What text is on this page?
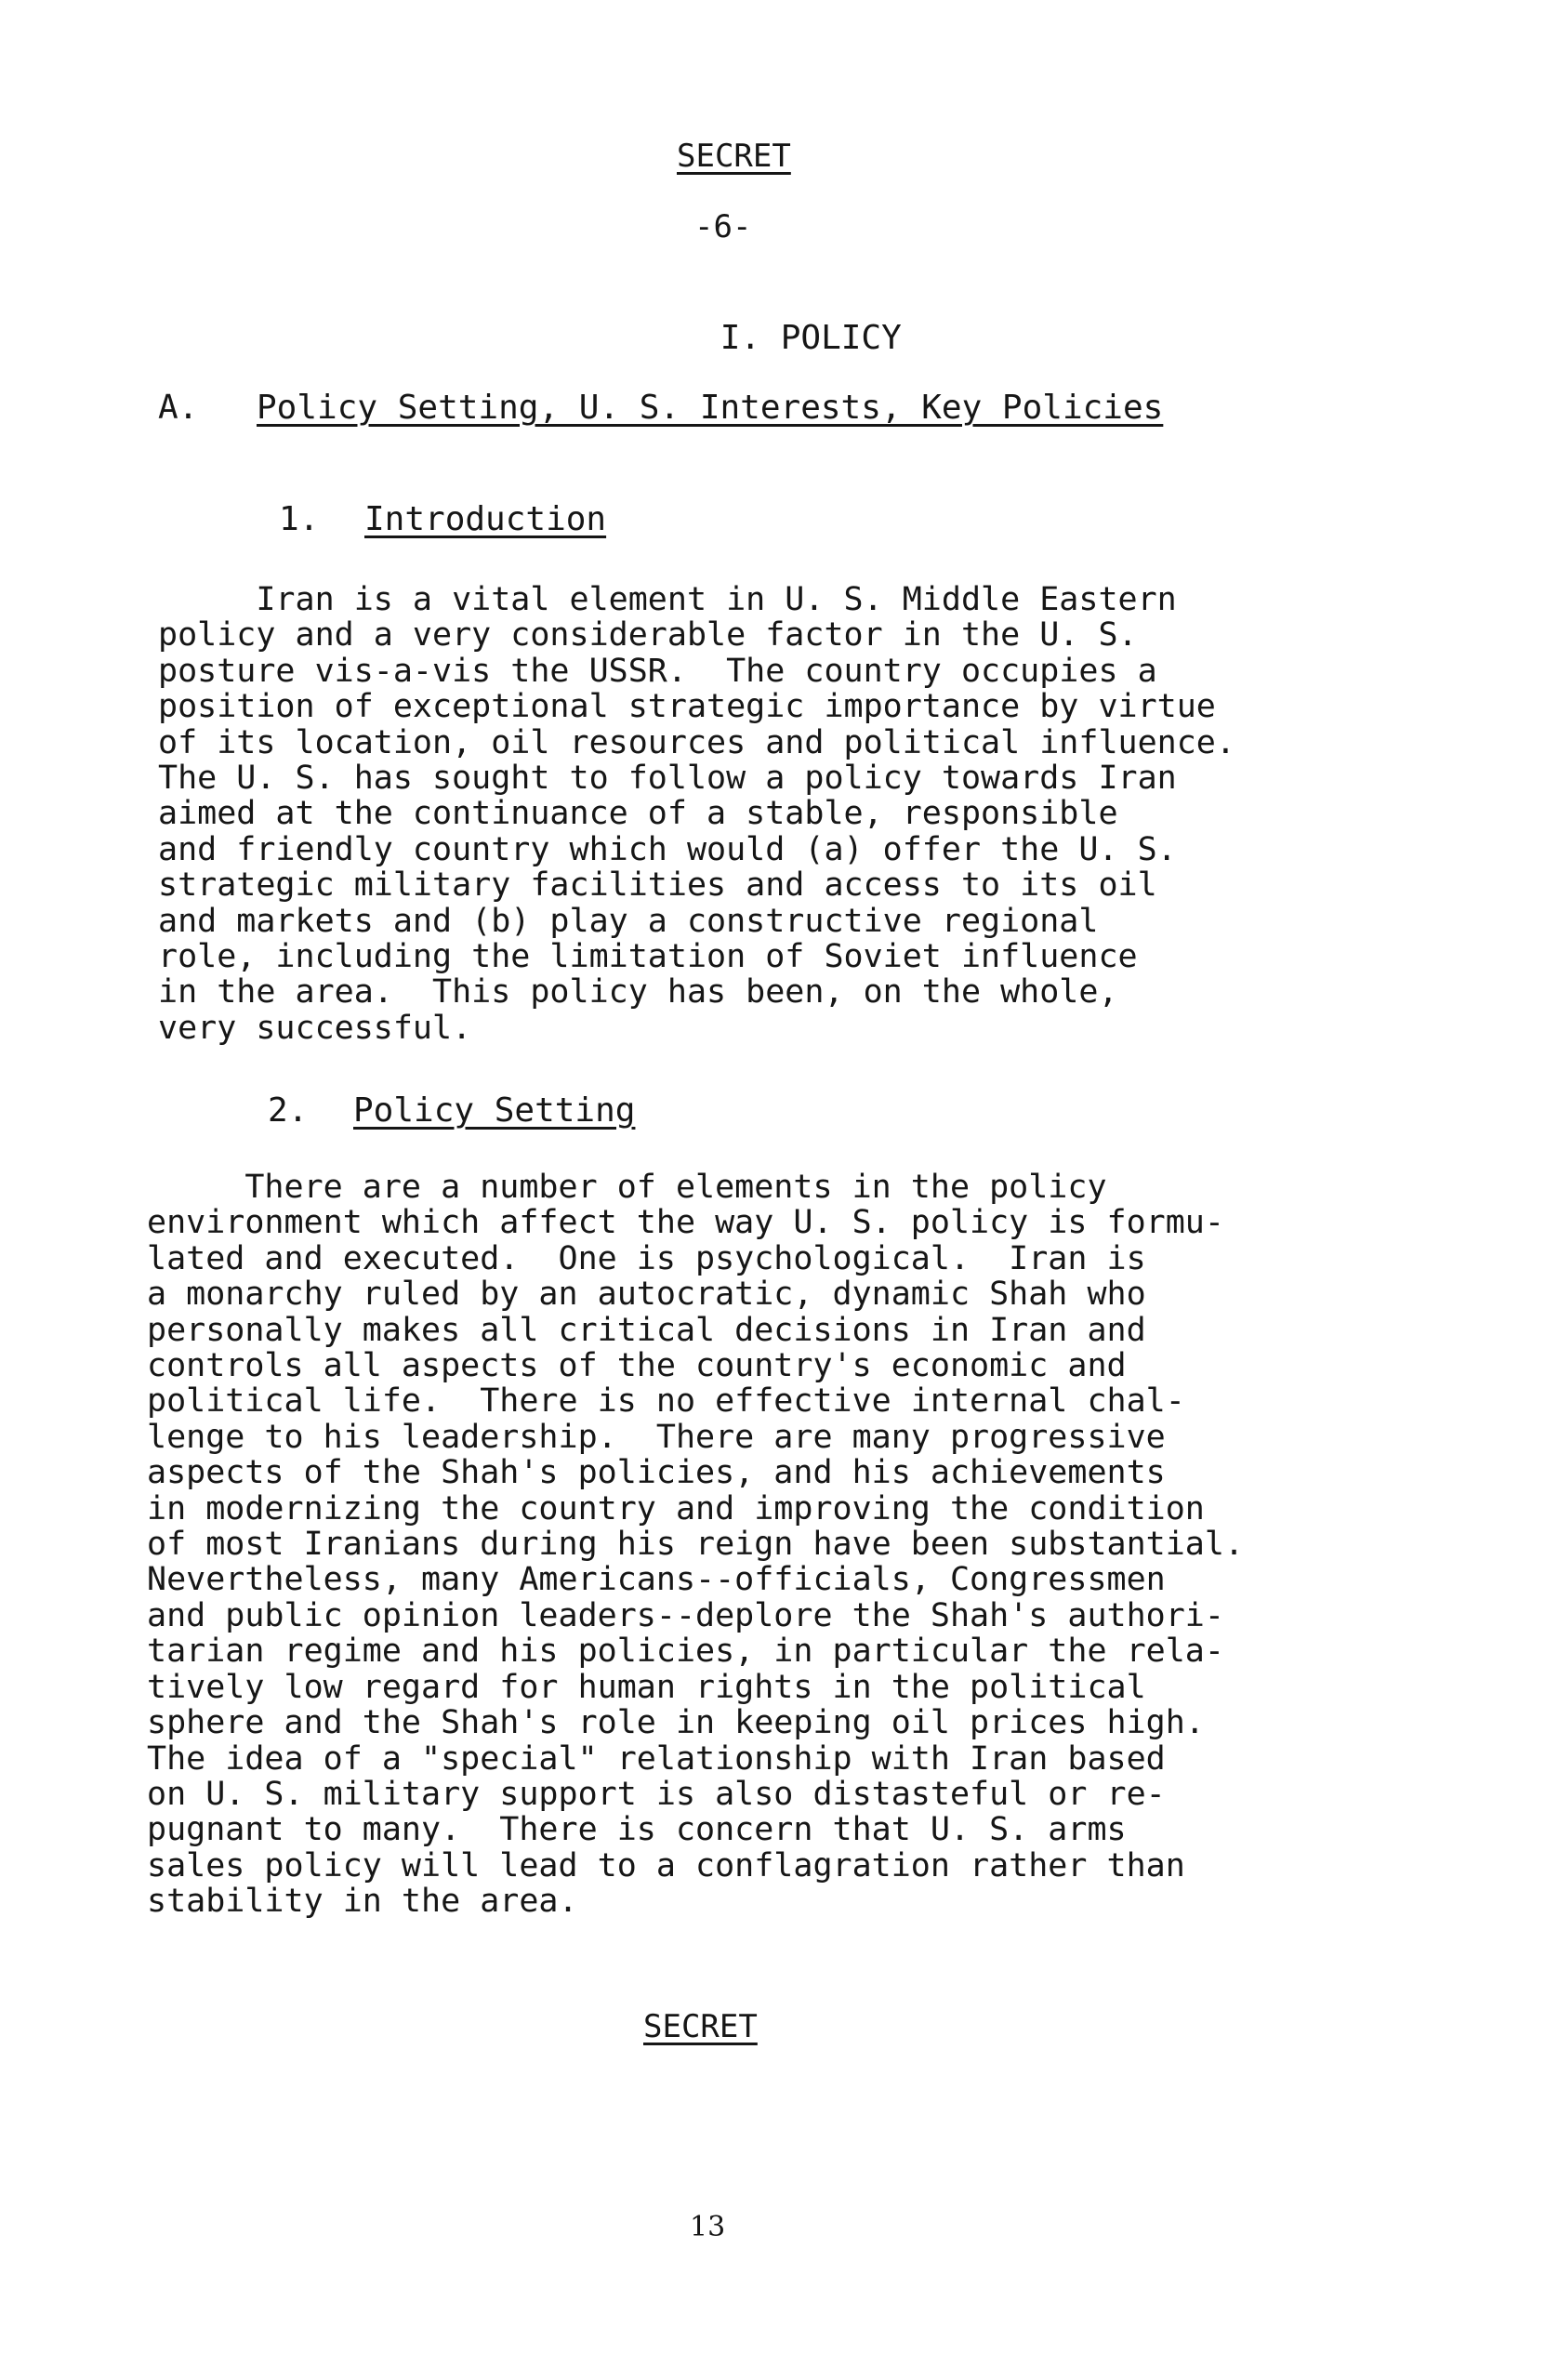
SECRET
-6-

I. POLICY

A. Policy Setting, U. S. Interests, Key Policies
1. Introduction
Iran is a vital element in U. S. Middle Eastern
policy and a very considerable factor in the U. S.
posture vis-a-vis the USSR.  The country occupies a
position of exceptional strategic importance by virtue
of its location, oil resources and political influence.
The U. S. has sought to follow a policy towards Iran
aimed at the continuance of a stable, responsible
and friendly country which would (a) offer the U. S.
strategic military facilities and access to its oil
and markets and (b) play a constructive regional
role, including the limitation of Soviet influence
in the area.  This policy has been, on the whole,
very successful.
2. Policy Setting
There are a number of elements in the policy
environment which affect the way U. S. policy is formu-
lated and executed.  One is psychological.  Iran is
a monarchy ruled by an autocratic, dynamic Shah who
personally makes all critical decisions in Iran and
controls all aspects of the country's economic and
political life.  There is no effective internal chal-
lenge to his leadership.  There are many progressive
aspects of the Shah's policies, and his achievements
in modernizing the country and improving the condition
of most Iranians during his reign have been substantial.
Nevertheless, many Americans--officials, Congressmen
and public opinion leaders--deplore the Shah's authori-
tarian regime and his policies, in particular the rela-
tively low regard for human rights in the political
sphere and the Shah's role in keeping oil prices high.
The idea of a "special" relationship with Iran based
on U. S. military support is also distasteful or re-
pugnant to many.  There is concern that U. S. arms
sales policy will lead to a conflagration rather than
stability in the area.
SECRET
13
